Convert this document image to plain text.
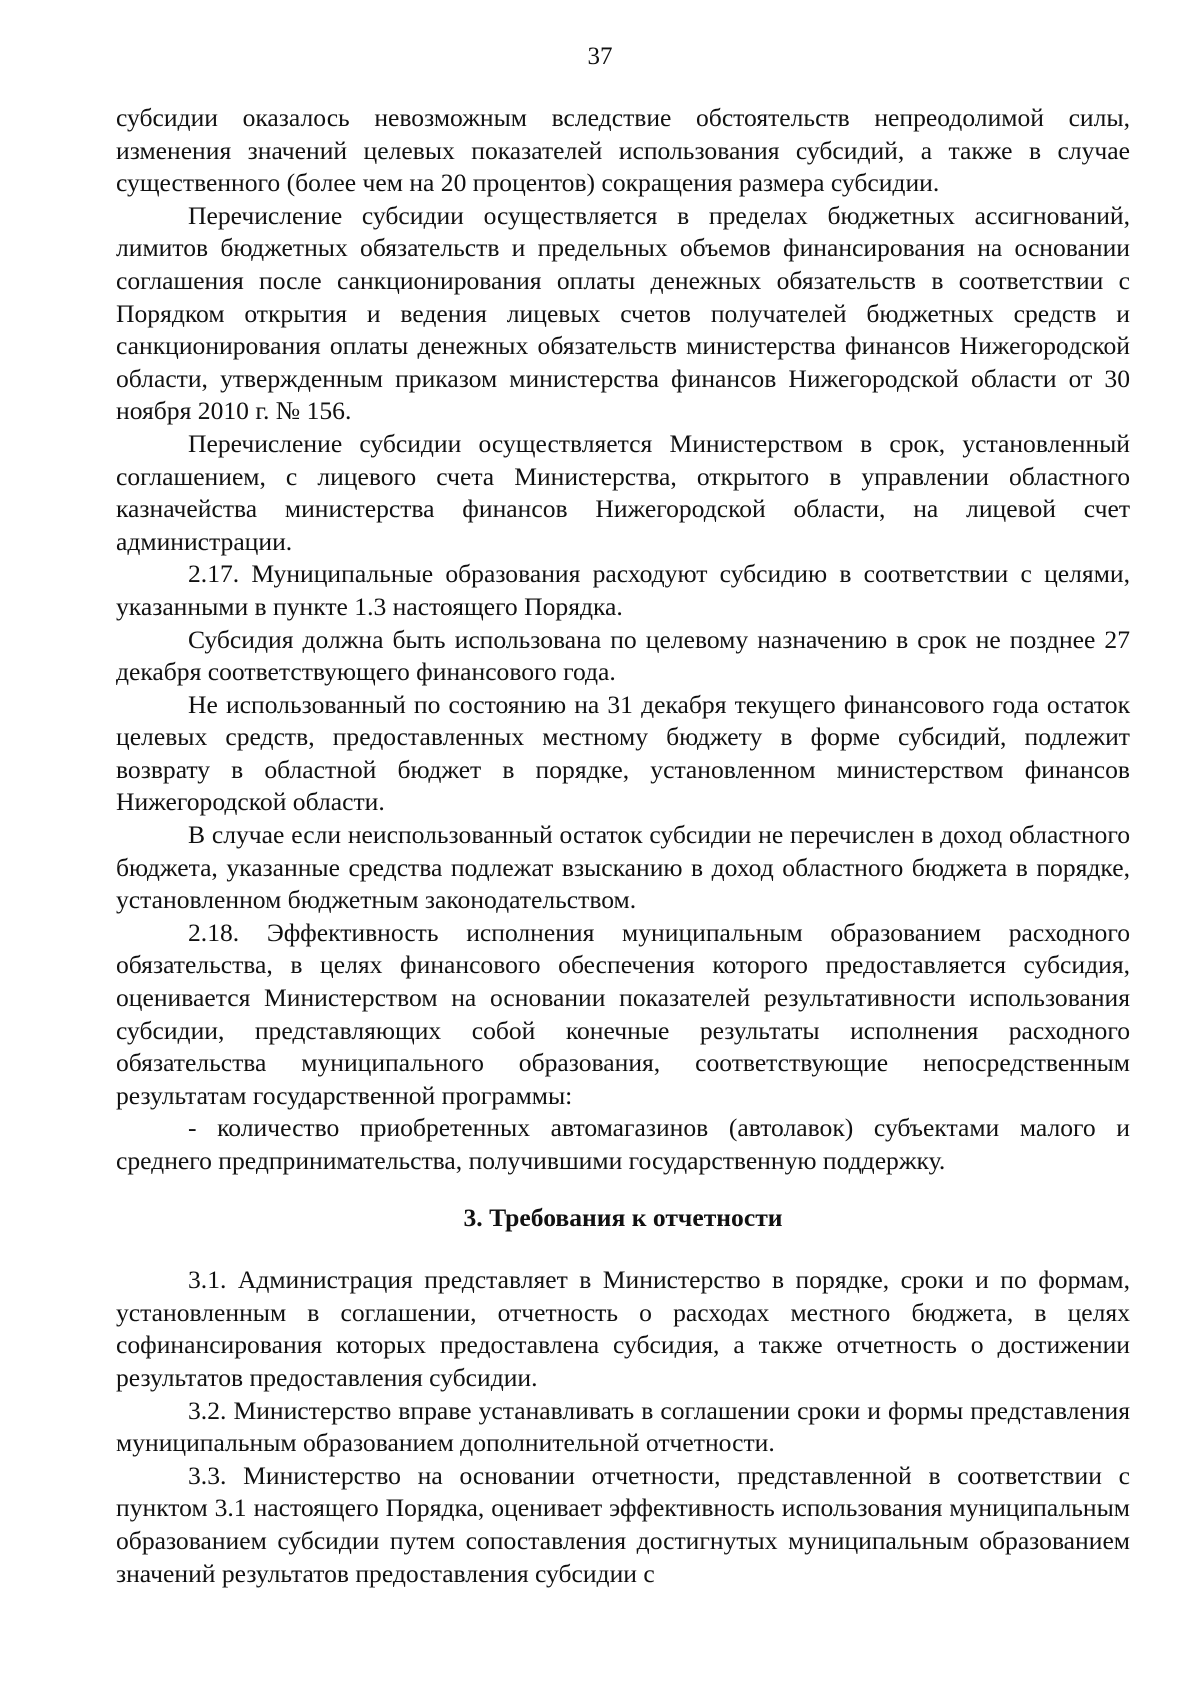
37

субсидии оказалось невозможным вследствие обстоятельств непреодолимой силы, изменения значений целевых показателей использования субсидий, а также в случае существенного (более чем на 20 процентов) сокращения размера субсидии.

Перечисление субсидии осуществляется в пределах бюджетных ассигнований, лимитов бюджетных обязательств и предельных объемов финансирования на основании соглашения после санкционирования оплаты денежных обязательств в соответствии с Порядком открытия и ведения лицевых счетов получателей бюджетных средств и санкционирования оплаты денежных обязательств министерства финансов Нижегородской области, утвержденным приказом министерства финансов Нижегородской области от 30 ноября 2010 г. № 156.

Перечисление субсидии осуществляется Министерством в срок, установленный соглашением, с лицевого счета Министерства, открытого в управлении областного казначейства министерства финансов Нижегородской области, на лицевой счет администрации.

2.17. Муниципальные образования расходуют субсидию в соответствии с целями, указанными в пункте 1.3 настоящего Порядка.

Субсидия должна быть использована по целевому назначению в срок не позднее 27 декабря соответствующего финансового года.

Не использованный по состоянию на 31 декабря текущего финансового года остаток целевых средств, предоставленных местному бюджету в форме субсидий, подлежит возврату в областной бюджет в порядке, установленном министерством финансов Нижегородской области.

В случае если неиспользованный остаток субсидии не перечислен в доход областного бюджета, указанные средства подлежат взысканию в доход областного бюджета в порядке, установленном бюджетным законодательством.

2.18. Эффективность исполнения муниципальным образованием расходного обязательства, в целях финансового обеспечения которого предоставляется субсидия, оценивается Министерством на основании показателей результативности использования субсидии, представляющих собой конечные результаты исполнения расходного обязательства муниципального образования, соответствующие непосредственным результатам государственной программы:

- количество приобретенных автомагазинов (автолавок) субъектами малого и среднего предпринимательства, получившими государственную поддержку.

3. Требования к отчетности

3.1. Администрация представляет в Министерство в порядке, сроки и по формам, установленным в соглашении, отчетность о расходах местного бюджета, в целях софинансирования которых предоставлена субсидия, а также отчетность о достижении результатов предоставления субсидии.

3.2. Министерство вправе устанавливать в соглашении сроки и формы представления муниципальным образованием дополнительной отчетности.

3.3. Министерство на основании отчетности, представленной в соответствии с пунктом 3.1 настоящего Порядка, оценивает эффективность использования муниципальным образованием субсидии путем сопоставления достигнутых муниципальным образованием значений результатов предоставления субсидии с
